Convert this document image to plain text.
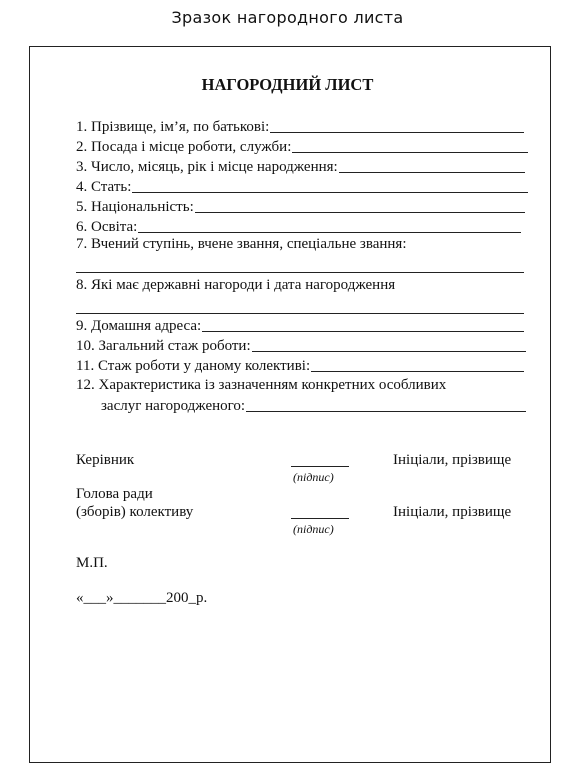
Зразок нагородного листа
НАГОРОДНИЙ ЛИСТ
1. Прізвище, ім’я, по батькові:
2. Посада і місце роботи, служби:
3. Число, місяць, рік і місце народження:
4. Стать:
5. Національність:
6. Освіта:
7. Вчений ступінь, вчене звання, спеціальне звання:
8. Які має державні нагороди і дата нагородження
9. Домашня адреса:
10. Загальний стаж роботи:
11. Стаж роботи у даному колективі:
12. Характеристика із зазначенням конкретних особливих
заслуг нагородженого:
Керівник
(підпис)
Ініціали, прізвище
Голова ради
(зборів) колективу
(підпис)
Ініціали, прізвище
М.П.
«___»_______200_р.
